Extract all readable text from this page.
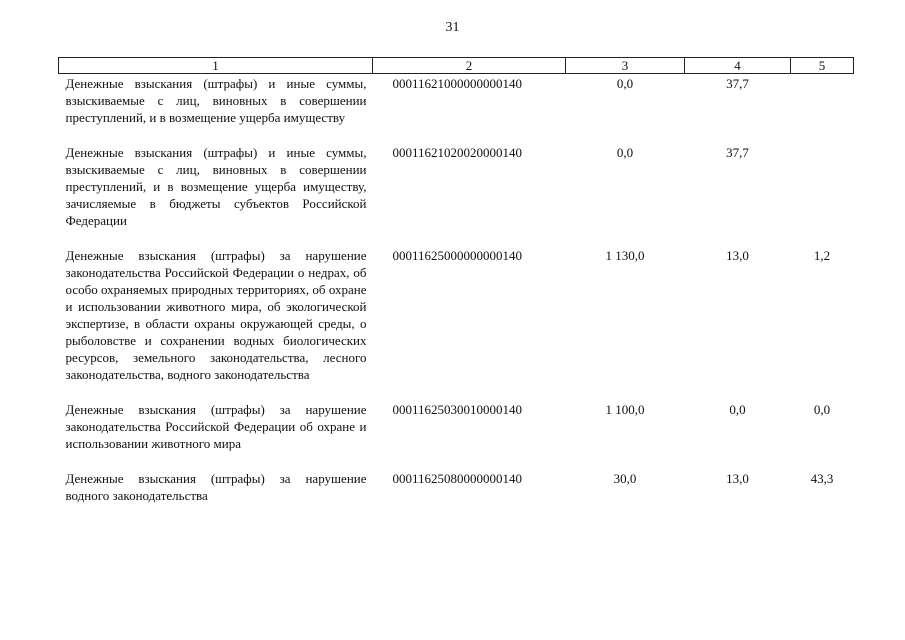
31
1	2	3	4	5
Денежные взыскания (штрафы) и иные суммы, взыскиваемые с лиц, виновных в совершении преступлений, и в возмещение ущерба имуществу	00011621000000000140	0,0	37,7	
Денежные взыскания (штрафы) и иные суммы, взыскиваемые с лиц, виновных в совершении преступлений, и в возмещение ущерба имуществу, зачисляемые в бюджеты субъектов Российской Федерации	00011621020020000140	0,0	37,7	
Денежные взыскания (штрафы) за нарушение законодательства Российской Федерации о недрах, об особо охраняемых природных территориях, об охране и использовании животного мира, об экологической экспертизе, в области охраны окружающей среды, о рыболовстве и сохранении водных биологических ресурсов, земельного законодательства, лесного законодательства, водного законодательства	00011625000000000140	1 130,0	13,0	1,2
Денежные взыскания (штрафы) за нарушение законодательства Российской Федерации об охране и использовании животного мира	00011625030010000140	1 100,0	0,0	0,0
Денежные взыскания (штрафы) за нарушение водного законодательства	00011625080000000140	30,0	13,0	43,3
